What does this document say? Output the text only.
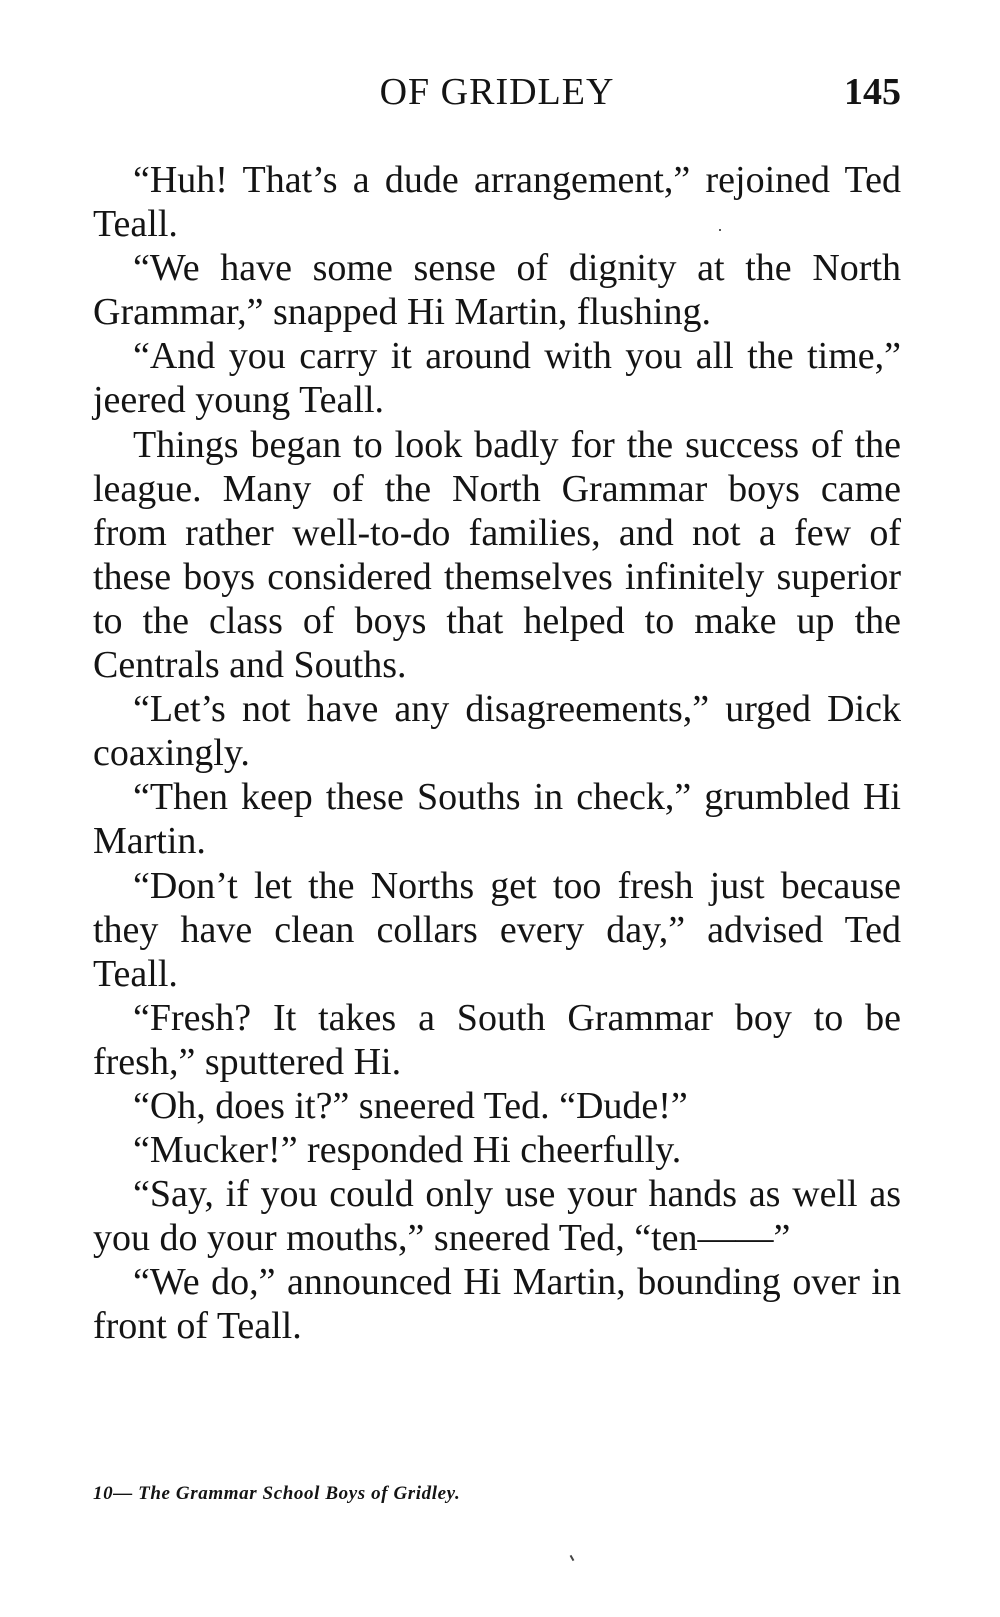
OF GRIDLEY	145

“Huh! That’s a dude arrangement,” rejoined Ted Teall.

“We have some sense of dignity at the North Grammar,” snapped Hi Martin, flushing.

“And you carry it around with you all the time,” jeered young Teall.

Things began to look badly for the success of the league. Many of the North Grammar boys came from rather well-to-do families, and not a few of these boys considered themselves infinitely superior to the class of boys that helped to make up the Centrals and Souths.

“Let’s not have any disagreements,” urged Dick coaxingly.

“Then keep these Souths in check,” grumbled Hi Martin.

“Don’t let the Norths get too fresh just because they have clean collars every day,” advised Ted Teall.

“Fresh? It takes a South Grammar boy to be fresh,” sputtered Hi.

“Oh, does it?” sneered Ted. “Dude!”

“Mucker!” responded Hi cheerfully.

“Say, if you could only use your hands as well as you do your mouths,” sneered Ted, “ten——”

“We do,” announced Hi Martin, bounding over in front of Teall.

10— The Grammar School Boys of Gridley.
